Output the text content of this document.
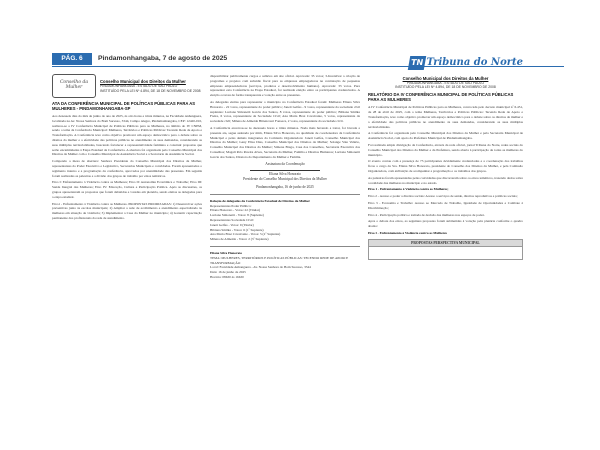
PÁG. 6	Pindamonhangaba, 7 de agosto de 2025
Conselho da Mulher
Conselho Municipal dos Direitos da Mulher
PINDAMONHANGABA - ESTADO DE SÃO PAULO
INSTITUÍDO PELA LEI Nº 4.894, DE 18 DE NOVEMBRO DE 2008
ATA DA CONFERÊNCIA MUNICIPAL DE POLÍTICAS PÚBLICAS PARA AS MULHERES - PINDAMONHANGABA-SP

Aos dezesseis dias do mês de junho do ano de 2025, às oito horas e trinta minutos, na Faculdade Anhanguera, localizada na Av. Nossa Senhora do Bom Sucesso, 3344, Campo Alegre, Pindamonhangaba, CEP: 12420-010, realizou-se a IV Conferência Municipal de Políticas Públicas para as Mulheres, no âmbito do IV CNPM, sendo o tema da Conferência Municipal: Mulheres, Territórios e Políticas Públicas: Tecendo Rede de Apoio e Transformação. A Conferência teve como objetivo promover um espaço democrático para o debate sobre os direitos da mulher e a efetividade das políticas públicas no atendimento às suas demandas, considerando as suas múltiplas territorialidades, buscando fortalecer a representatividade feminina e construir propostas que serão encaminhadas à Etapa Estadual da Conferência. A abertura foi organizada pelo Conselho Municipal dos Direitos da Mulher com o Conselho Municipal de Assistência Social e a Secretaria de Assistência Social.

Compondo a mesa de abertura: Senhora Presidente do Conselho Municipal dos Direitos da Mulher, representantes do Poder Executivo e Legislativo, Secretarias Municipais e convidadas. Foram apresentados o regimento interno e a programação da conferência, aprovados por unanimidade das presentes. Em seguida foram realizadas as palestras e a divisão dos grupos de trabalho por eixos temáticos.

Eixo I: Enfrentamento à Violência contra as Mulheres; Eixo II: Autonomia Econômica e Trabalho; Eixo III: Saúde Integral das Mulheres; Eixo IV: Educação, Cultura e Participação Política. Após as discussões, os grupos apresentaram as propostas que foram debatidas e votadas em plenária, sendo eleitas as delegadas para a etapa estadual.

Eixo1 - Enfrentamento à Violência contra as Mulheres. PROPOSTAS PRIORIZADAS: 1) Desenvolver ações preventivas junto às escolas municipais; 2) Ampliar a rede de acolhimento e atendimento especializado às mulheres em situação de violência; 3) Implementar a Casa da Mulher no município; 4) Garantir capacitação permanente dos profissionais da rede de atendimento.

disponibilizar publicamente cargos e salários em site oficial. Aprovada: 35 votos; 3-Incentivar a criação de programas e projetos com subsídio fiscal para as empresas empregadoras na contratação de pequenas empresas empreendedoras (serviços, produtos e desenvolvimento humano). Aprovada: 33 votos. Para representar esta Conferência na Etapa Estadual, foi realizada eleição entre os participantes credenciados. A eleição ocorreu de forma transparente e votação entre as presentes.

As delegadas eleitas para representar o município na Conferência Estadual foram: Mulheres Eliana Silva Honorato - 22 votos, representante do poder público; Janeti Gelfes - 9 votos, representante da sociedade civil suplentes: Luciana Simonetti Garcia dos Santos, 8 votos, representante do poder público; Bibiana Smilka Freire, 6 votos, representante da Sociedade Civil; Ana Maria Braz Cavalcante, 5 votos, representante da sociedade civil; Milena de Almeida Bittencourt Fonseca, 2 votos, representante da sociedade civil.

A Conferência encerrou-se às dezesseis horas e trinta minutos. Nada mais havendo a tratar, foi lavrada a presente ata, segue assinada por mim, Eliana Silva Honorato, na qualidade de coordenadora da Conferência Municipal e pelas demais integrantes da Comissão Organizadora: Janeti Gelfes, Conselho Municipal dos Direitos da Mulher; Gany Elisa Dias, Conselho Municipal dos Direitos da Mulher; Solange Vale Valério, Conselho Municipal dos Direitos da Mulher; Simone Braga, Casa dos Conselhos, Secretaria Executiva dos Conselhos; Magali Pelo Pereira Alves, Secretaria da Mulher, Família e Direitos Humanos; Luciana Simonetti Garcia dos Santos, Diretora do Departamento da Mulher e Família.

Assinatura da Coordenação
Eliana Silva Honorato
Presidente do Conselho Municipal dos Direitos da Mulher
Pindamonhangaba, 16 de junho de 2025
Relação de delegadas da Conferência Estadual de Direitos da Mulher
Representantes Poder Público:
Eliana Honorato - Votos: 22 (Titular)
Luciana Simonetti - Votos: 8 (Suplente)
Representantes Sociedade Civil:
Janeti Gelfes - Votos: 9 (Titular)
Bibiana Smilka - Votos: 6 (1º Suplente)
Ana Maria Braz Cavalcante - Votos: 5 (2º Suplente)
Milena de Almeida - Votos: 2 (3º Suplente)
Eliane Silva Honorato
TEMA: MULHERES, TERRITÓRIOS E POLÍTICAS PÚBLICAS: TECENDO REDE DE APOIO E TRANSFORMAÇÃO
Local: Faculdade Anhanguera - Av. Nossa Senhora do Bom Sucesso, 3344
Data: 16 de junho de 2025
Horário: 08h30 às 16h30
TN Tribuna do Norte
Conselho Municipal dos Direitos da Mulher
PINDAMONHANGABA - ESTADO DE SÃO PAULO
INSTITUÍDO PELA LEI Nº 4.894, DE 18 DE NOVEMBRO DE 2008
RELATÓRIO DA IV CONFERÊNCIA MUNICIPAL DE POLÍTICAS PÚBLICAS PARA AS MULHERES

A IV Conferência Municipal de Políticas Públicas para as Mulheres, convocada pelo decreto municipal nº 6.451, de 28 de abril de 2025, com o tema Mulheres, Territórios e Políticas Públicas: Tecendo Rede de Apoio e Transformação, teve como objetivo promover um espaço democrático para o debate sobre os direitos da mulher e a efetividade das políticas públicas no atendimento às suas demandas, considerando as suas múltiplas territorialidades.

A Conferência foi organizada pelo Conselho Municipal dos Direitos da Mulher e pela Secretaria Municipal de Assistência Social, com apoio da Prefeitura Municipal de Pindamonhangaba.

Foi realizada ampla divulgação da Conferência, através da rede oficial, jornal Tribuna do Norte, redes sociais do Conselho Municipal dos Direitos da Mulher e da Prefeitura, sendo aberta à participação de todas as mulheres do município.

O evento contou com a presença de 73 participantes devidamente credenciadas e a coordenação dos trabalhos ficou a cargo da Sra. Eliana Silva Honorato, presidente do Conselho dos Direitos da Mulher, e pela Comissão Organizadora, com atribuição de acompanhar a programação e os trabalhos dos grupos.

As palestras foram apresentadas pelas convidadas que discorreram sobre os eixos temáticos, trazendo dados sobre a realidade das mulheres no município e no estado.

Eixo 1 - Enfrentamento à Violência contra as Mulheres;

Eixo 2 - Acesso e poder a direitos sociais: Acesso a serviços de saúde, direitos reprodutivos e políticas sociais;

Eixo 3 - Economia e Trabalho: Acesso ao Mercado de Trabalho, Igualdade de Oportunidades e Combate à Discriminação;

Eixo 4 - Participação política e tomada de decisão das mulheres nos espaços de poder.

Após o debate dos eixos, as seguintes propostas foram submetidas à votação pela plenária conforme o quadro abaixo:

Eixo I - Enfrentamento à Violência contra as Mulheres

PROPOSTAS PERSPECTIVA MUNICIPAL
